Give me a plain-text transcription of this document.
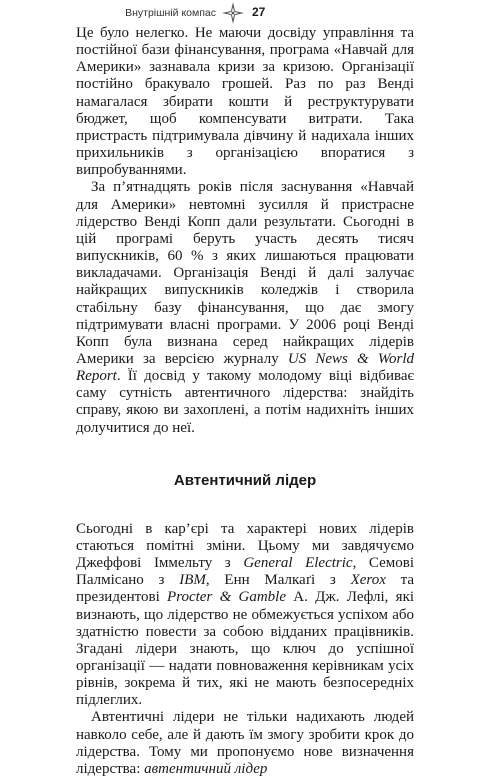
Внутрішній компас	27

Це було нелегко. Не маючи досвіду управління та постійної бази фінансування, програма «Навчай для Америки» зазнавала кризи за кризою. Організації постійно бракувало грошей. Раз по раз Венді намагалася збирати кошти й реструктурувати бюджет, щоб компенсувати витрати. Така пристрасть підтримувала дівчину й надихала інших прихильників з організацією впоратися з випробуваннями.

За п’ятнадцять років після заснування «Навчай для Америки» невтомні зусилля й пристрасне лідерство Венді Копп дали результати. Сьогодні в цій програмі беруть участь десять тисяч випускників, 60 % з яких лишаються працювати викладачами. Організація Венді й далі залучає найкращих випускників коледжів і створила стабільну базу фінансування, що дає змогу підтримувати власні програми. У 2006 році Венді Копп була визнана серед найкращих лідерів Америки за версією журналу US News & World Report. Її досвід у такому молодому віці відбиває саму сутність автентичного лідерства: знайдіть справу, якою ви захоплені, а потім надихніть інших долучитися до неї.

Автентичний лідер

Сьогодні в кар’єрі та характері нових лідерів стаються помітні зміни. Цьому ми завдячуємо Джеффові Іммельту з General Electric, Семові Палмісано з IBM, Енн Малкаґі з Xerox та президентові Procter & Gamble А. Дж. Лефлі, які визнають, що лідерство не обмежується успіхом або здатністю повести за собою відданих працівників. Згадані лідери знають, що ключ до успішної організації — надати повноваження керівникам усіх рівнів, зокрема й тих, які не мають безпосередніх підлеглих.

Автентичні лідери не тільки надихають людей навколо себе, але й дають їм змогу зробити крок до лідерства. Тому ми пропонуємо нове визначення лідерства: автентичний лідер
